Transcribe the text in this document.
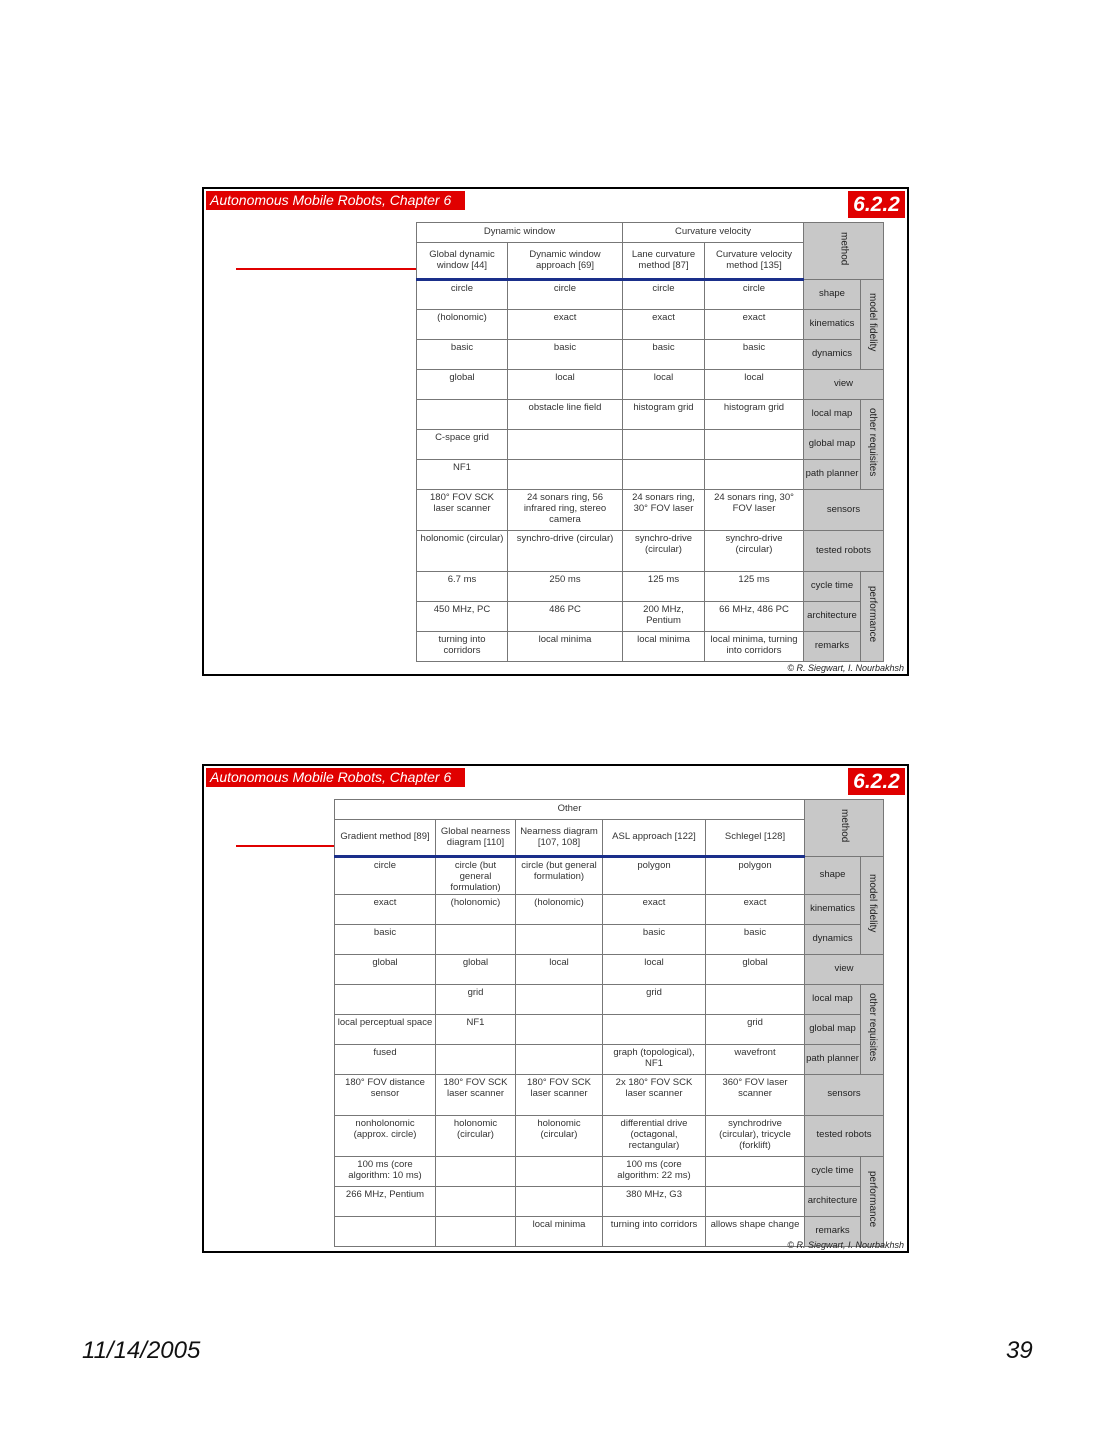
Autonomous Mobile Robots, Chapter 6	6.2.2
Dynamic window		Curvature velocity		method	
Global dynamic window [44]	Dynamic window approach [69]	Lane curvature method [87]	Curvature velocity method [135]		
circle	circle	circle	circle	shape	model fidelity
(holonomic)	exact	exact	exact	kinematics	
basic	basic	basic	basic	dynamics	
global	local	local	local	view	
	obstacle line field	histogram grid	histogram grid	local map	other requisites
C-space grid				global map	
NF1				path planner	
180° FOV SCK laser scanner	24 sonars ring, 56 infrared ring, stereo camera	24 sonars ring, 30° FOV laser	24 sonars ring, 30° FOV laser	sensors	
holonomic (circular)	synchro-drive (circular)	synchro-drive (circular)	synchro-drive (circular)	tested robots	
6.7 ms	250 ms	125 ms	125 ms	cycle time	performance
450 MHz, PC	486 PC	200 MHz, Pentium	66 MHz, 486 PC	architecture	
turning into corridors	local minima	local minima	local minima, turning into corridors	remarks	
© R. Siegwart, I. Nourbakhsh
Autonomous Mobile Robots, Chapter 6	6.2.2
Other					method	
Gradient method [89]	Global nearness diagram [110]	Nearness diagram [107, 108]	ASL approach [122]	Schlegel [128]		
circle	circle (but general formulation)	circle (but general formulation)	polygon	polygon	shape	model fidelity
exact	(holonomic)	(holonomic)	exact	exact	kinematics	
basic			basic	basic	dynamics	
global	global	local	local	global	view	
	grid		grid		local map	other requisites
local perceptual space	NF1			grid	global map	
fused			graph (topological), NF1	wavefront	path planner	
180° FOV distance sensor	180° FOV SCK laser scanner	180° FOV SCK laser scanner	2x 180° FOV SCK laser scanner	360° FOV laser scanner	sensors	
nonholonomic (approx. circle)	holonomic (circular)	holonomic (circular)	differential drive (octagonal, rectangular)	synchrodrive (circular), tricycle (forklift)	tested robots	
100 ms (core algorithm: 10 ms)			100 ms (core algorithm: 22 ms)		cycle time	performance
266 MHz, Pentium			380 MHz, G3		architecture	
		local minima	turning into corridors	allows shape change	remarks	
© R. Siegwart, I. Nourbakhsh
11/14/2005	39
